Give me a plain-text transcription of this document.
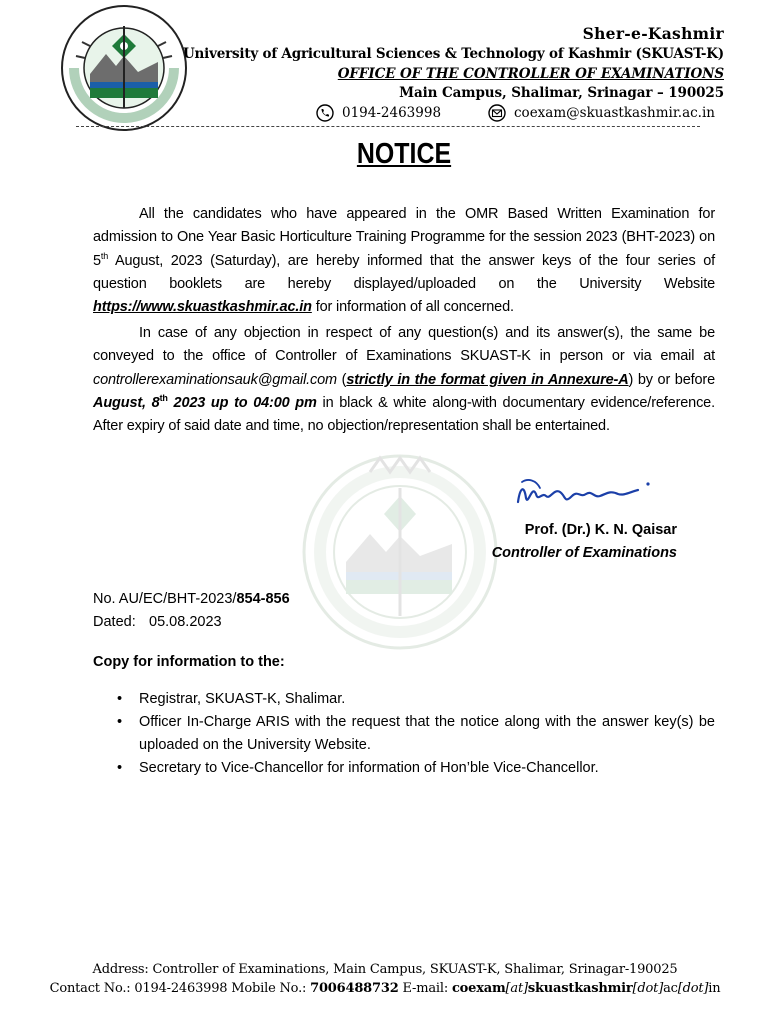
Sher-e-Kashmir
University of Agricultural Sciences & Technology of Kashmir (SKUAST-K)
OFFICE OF THE CONTROLLER OF EXAMINATIONS
Main Campus, Shalimar, Srinagar – 190025
0194-2463998	coexam@skuastkashmir.ac.in
NOTICE
All the candidates who have appeared in the OMR Based Written Examination for admission to One Year Basic Horticulture Training Programme for the session 2023 (BHT-2023) on 5th August, 2023 (Saturday), are hereby informed that the answer keys of the four series of question booklets are hereby displayed/uploaded on the University Website https://www.skuastkashmir.ac.in for information of all concerned.
In case of any objection in respect of any question(s) and its answer(s), the same be conveyed to the office of Controller of Examinations SKUAST-K in person or via email at controllerexaminationsauk@gmail.com (strictly in the format given in Annexure-A) by or before August, 8th 2023 up to 04:00 pm in black & white along-with documentary evidence/reference. After expiry of said date and time, no objection/representation shall be entertained.
Prof. (Dr.) K. N. Qaisar
Controller of Examinations
No. AU/EC/BHT-2023/854-856
Dated: 05.08.2023
Copy for information to the:
• Registrar, SKUAST-K, Shalimar.
• Officer In-Charge ARIS with the request that the notice along with the answer key(s) be uploaded on the University Website.
• Secretary to Vice-Chancellor for information of Hon’ble Vice-Chancellor.
Address: Controller of Examinations, Main Campus, SKUAST-K, Shalimar, Srinagar-190025
Contact No.: 0194-2463998 Mobile No.: 7006488732 E-mail: coexam[at]skuastkashmir[dot]ac[dot]in
